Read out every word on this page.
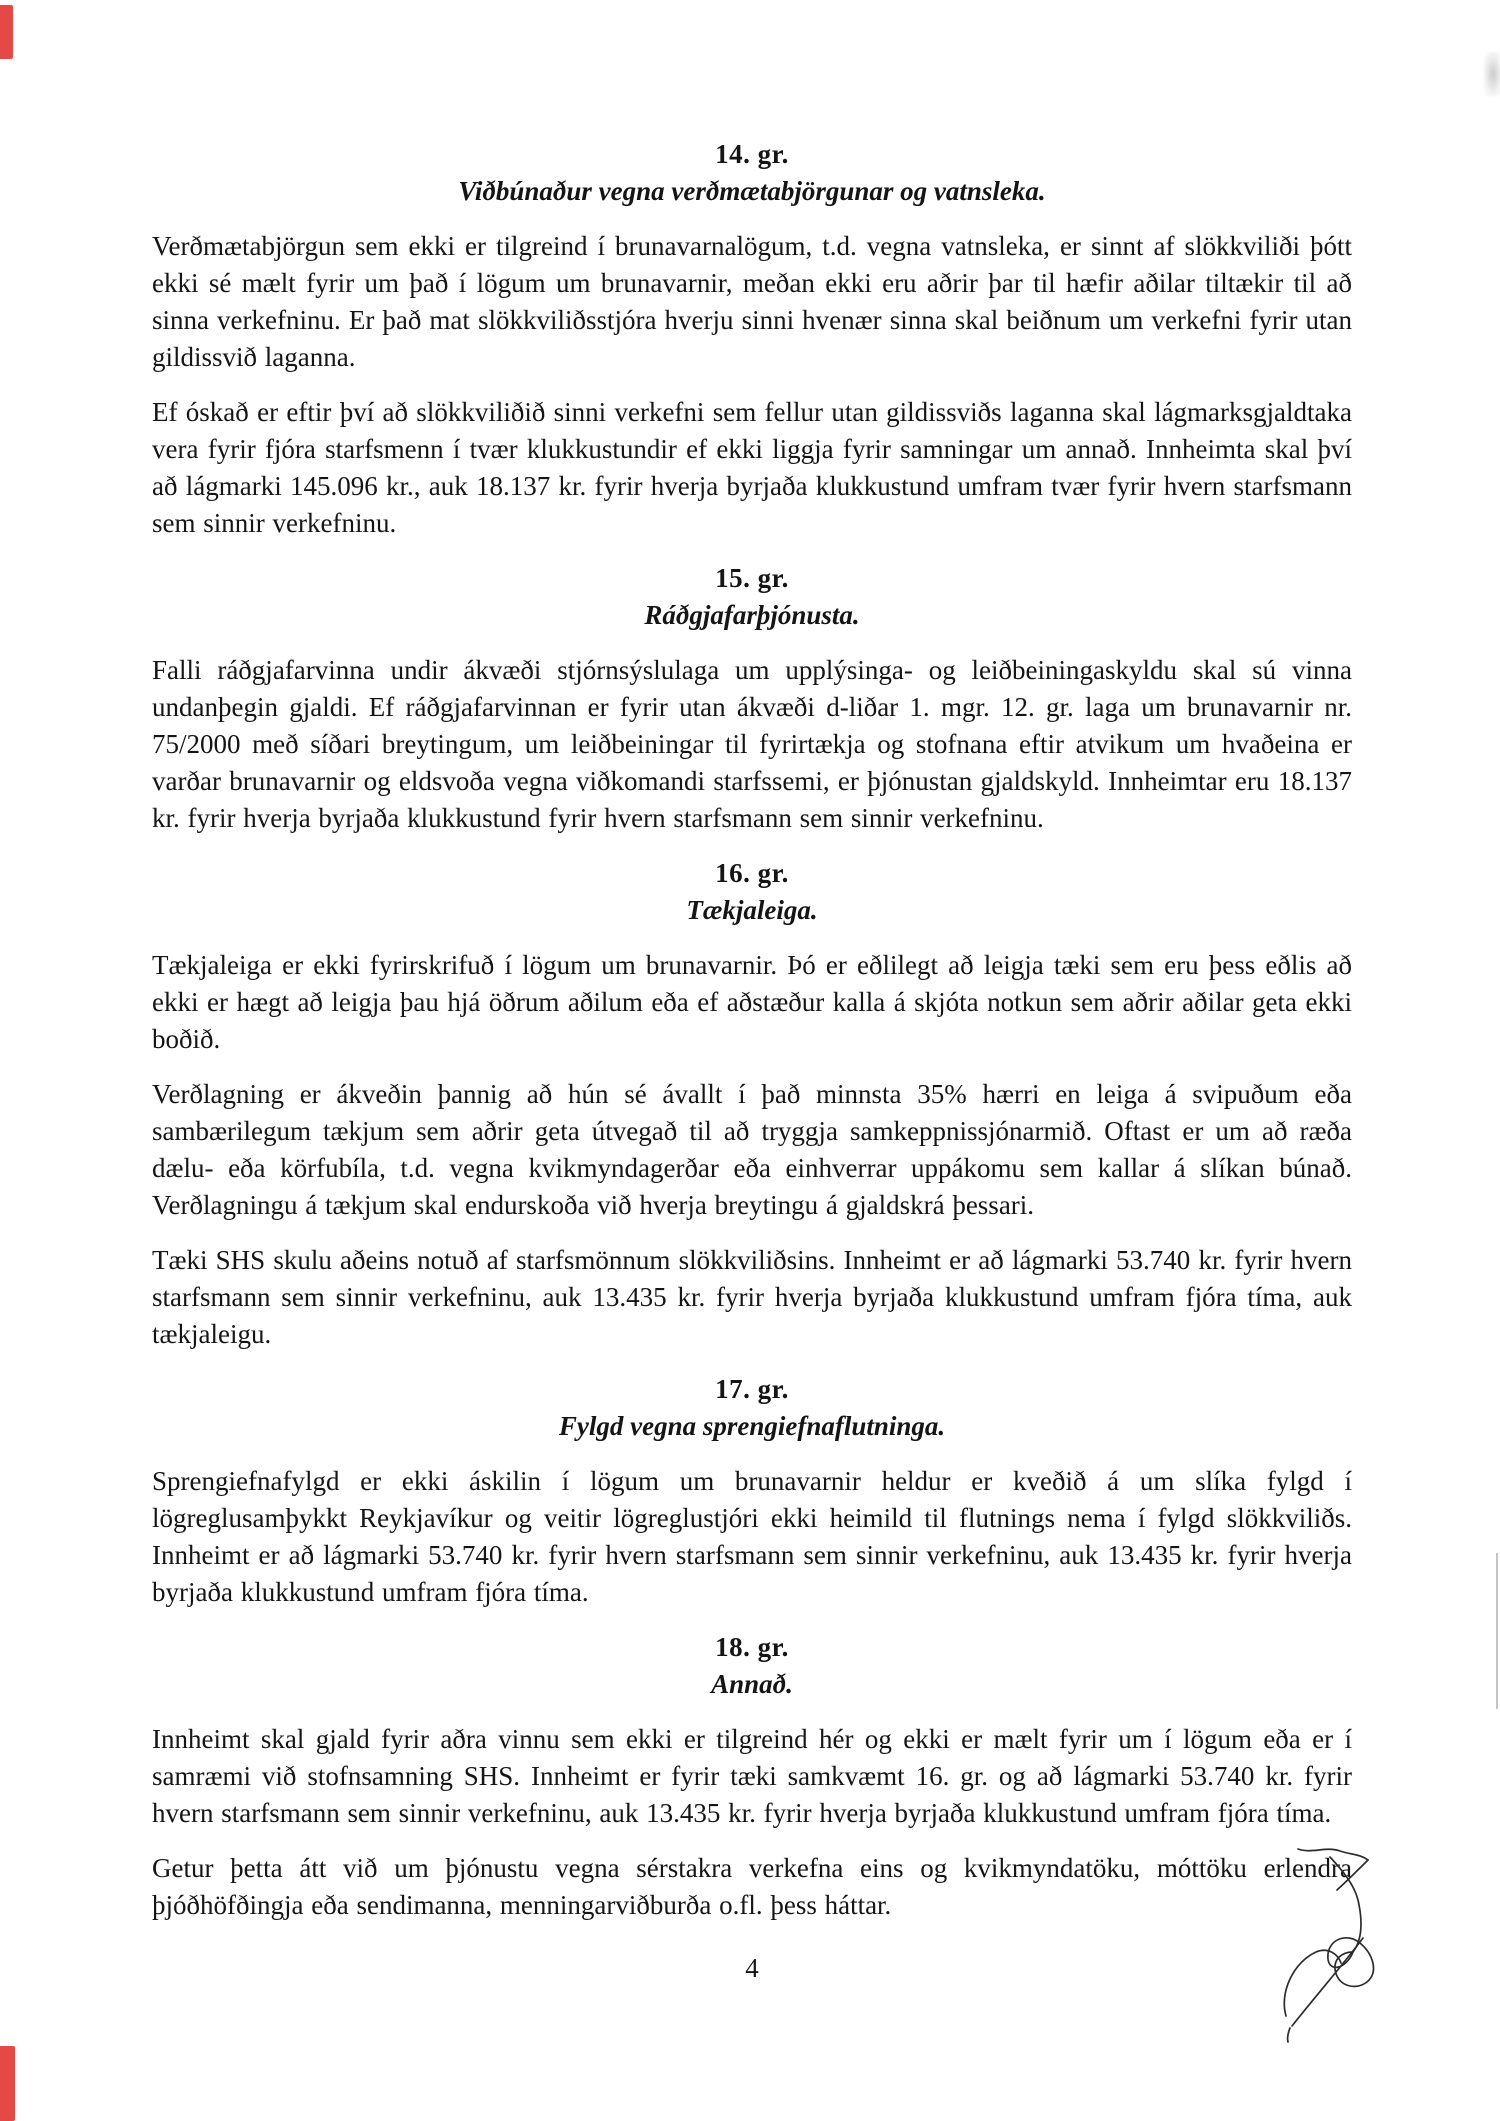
14. gr.
Viðbúnaður vegna verðmætabjörgunar og vatnsleka.

Verðmætabjörgun sem ekki er tilgreind í brunavarnalögum, t.d. vegna vatnsleka, er sinnt af slökkviliði þótt ekki sé mælt fyrir um það í lögum um brunavarnir, meðan ekki eru aðrir þar til hæfir aðilar tiltækir til að sinna verkefninu. Er það mat slökkviliðsstjóra hverju sinni hvenær sinna skal beiðnum um verkefni fyrir utan gildissvið laganna.

Ef óskað er eftir því að slökkviliðið sinni verkefni sem fellur utan gildissviðs laganna skal lágmarksgjaldtaka vera fyrir fjóra starfsmenn í tvær klukkustundir ef ekki liggja fyrir samningar um annað. Innheimta skal því að lágmarki 145.096 kr., auk 18.137 kr. fyrir hverja byrjaða klukkustund umfram tvær fyrir hvern starfsmann sem sinnir verkefninu.

15. gr.
Ráðgjafarþjónusta.

Falli ráðgjafarvinna undir ákvæði stjórnsýslulaga um upplýsinga- og leiðbeiningaskyldu skal sú vinna undanþegin gjaldi. Ef ráðgjafarvinnan er fyrir utan ákvæði d-liðar 1. mgr. 12. gr. laga um brunavarnir nr. 75/2000 með síðari breytingum, um leiðbeiningar til fyrirtækja og stofnana eftir atvikum um hvaðeina er varðar brunavarnir og eldsvoða vegna viðkomandi starfssemi, er þjónustan gjaldskyld. Innheimtar eru 18.137 kr. fyrir hverja byrjaða klukkustund fyrir hvern starfsmann sem sinnir verkefninu.

16. gr.
Tækjaleiga.

Tækjaleiga er ekki fyrirskrifuð í lögum um brunavarnir. Þó er eðlilegt að leigja tæki sem eru þess eðlis að ekki er hægt að leigja þau hjá öðrum aðilum eða ef aðstæður kalla á skjóta notkun sem aðrir aðilar geta ekki boðið.

Verðlagning er ákveðin þannig að hún sé ávallt í það minnsta 35% hærri en leiga á svipuðum eða sambærilegum tækjum sem aðrir geta útvegað til að tryggja samkeppnissjónarmið. Oftast er um að ræða dælu- eða körfubíla, t.d. vegna kvikmyndagerðar eða einhverrar uppákomu sem kallar á slíkan búnað. Verðlagningu á tækjum skal endurskoða við hverja breytingu á gjaldskrá þessari.

Tæki SHS skulu aðeins notuð af starfsmönnum slökkviliðsins. Innheimt er að lágmarki 53.740 kr. fyrir hvern starfsmann sem sinnir verkefninu, auk 13.435 kr. fyrir hverja byrjaða klukkustund umfram fjóra tíma, auk tækjaleigu.

17. gr.
Fylgd vegna sprengiefnaflutninga.

Sprengiefnafylgd er ekki áskilin í lögum um brunavarnir heldur er kveðið á um slíka fylgd í lögreglusamþykkt Reykjavíkur og veitir lögreglustjóri ekki heimild til flutnings nema í fylgd slökkviliðs. Innheimt er að lágmarki 53.740 kr. fyrir hvern starfsmann sem sinnir verkefninu, auk 13.435 kr. fyrir hverja byrjaða klukkustund umfram fjóra tíma.

18. gr.
Annað.

Innheimt skal gjald fyrir aðra vinnu sem ekki er tilgreind hér og ekki er mælt fyrir um í lögum eða er í samræmi við stofnsamning SHS. Innheimt er fyrir tæki samkvæmt 16. gr. og að lágmarki 53.740 kr. fyrir hvern starfsmann sem sinnir verkefninu, auk 13.435 kr. fyrir hverja byrjaða klukkustund umfram fjóra tíma.

Getur þetta átt við um þjónustu vegna sérstakra verkefna eins og kvikmyndatöku, móttöku erlendra þjóðhöfðingja eða sendimanna, menningarviðburða o.fl. þess háttar.

4
